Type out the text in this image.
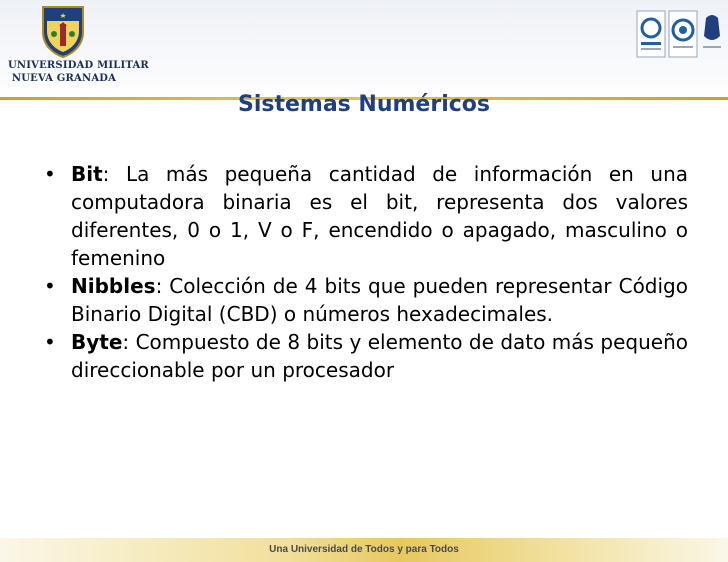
UNIVERSIDAD MILITAR
NUEVA GRANADA
Sistemas Numéricos
• Bit: La más pequeña cantidad de información en una computadora binaria es el bit, representa dos valores diferentes, 0 o 1, V o F, encendido o apagado, masculino o femenino
• Nibbles: Colección de 4 bits que pueden representar Código Binario Digital (CBD) o números hexadecimales.
• Byte: Compuesto de 8 bits y elemento de dato más pequeño direccionable por un procesador
Una Universidad de Todos y para Todos
